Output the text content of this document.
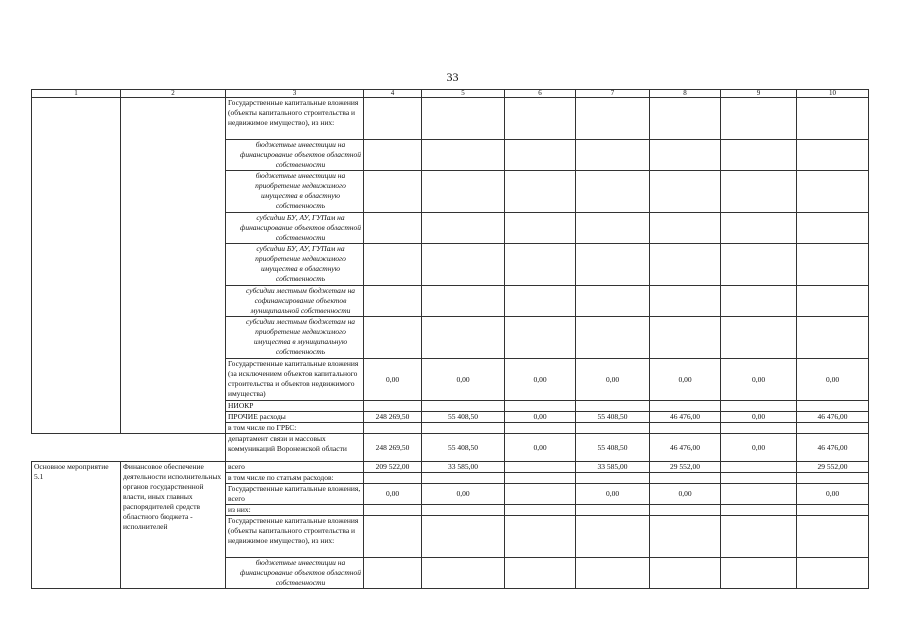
33
1	2	3	4	5	6	7	8	9	10
		Государственные капитальные вложения (объекты капитального строительства и недвижимое имущество), из них:							
		бюджетные инвестиции на финансирование объектов областной собственности							
		бюджетные инвестиции на приобретение недвижимого имущества в областную собственность							
		субсидии БУ, АУ, ГУПам на финансирование объектов областной собственности							
		субсидии БУ, АУ, ГУПам на приобретение недвижимого имущества в областную собственность							
		субсидии местным бюджетам на софинансирование объектов муниципальной собственности							
		субсидии местным бюджетам на приобретение недвижимого имущества в муниципальную собственность							
		Государственные капитальные вложения (за исключением объектов капитального строительства и объектов недвижимого имущества)	0,00	0,00	0,00	0,00	0,00	0,00	0,00
		НИОКР							
		ПРОЧИЕ расходы	248 269,50	55 408,50	0,00	55 408,50	46 476,00	0,00	46 476,00
		в том числе по ГРБС:							
		департамент связи и массовых коммуникаций Воронежской области	248 269,50	55 408,50	0,00	55 408,50	46 476,00	0,00	46 476,00
Основное мероприятие 5.1	Финансовое обеспечение деятельности исполнительных органов государственной власти, иных главных распорядителей средств областного бюджета - исполнителей	всего	209 522,00	33 585,00		33 585,00	29 552,00		29 552,00
		в том числе по статьям расходов:							
		Государственные капитальные вложения, всего	0,00	0,00		0,00	0,00		0,00
		из них:							
		Государственные капитальные вложения (объекты капитального строительства и недвижимое имущество), из них:							
		бюджетные инвестиции на финансирование объектов областной собственности							
